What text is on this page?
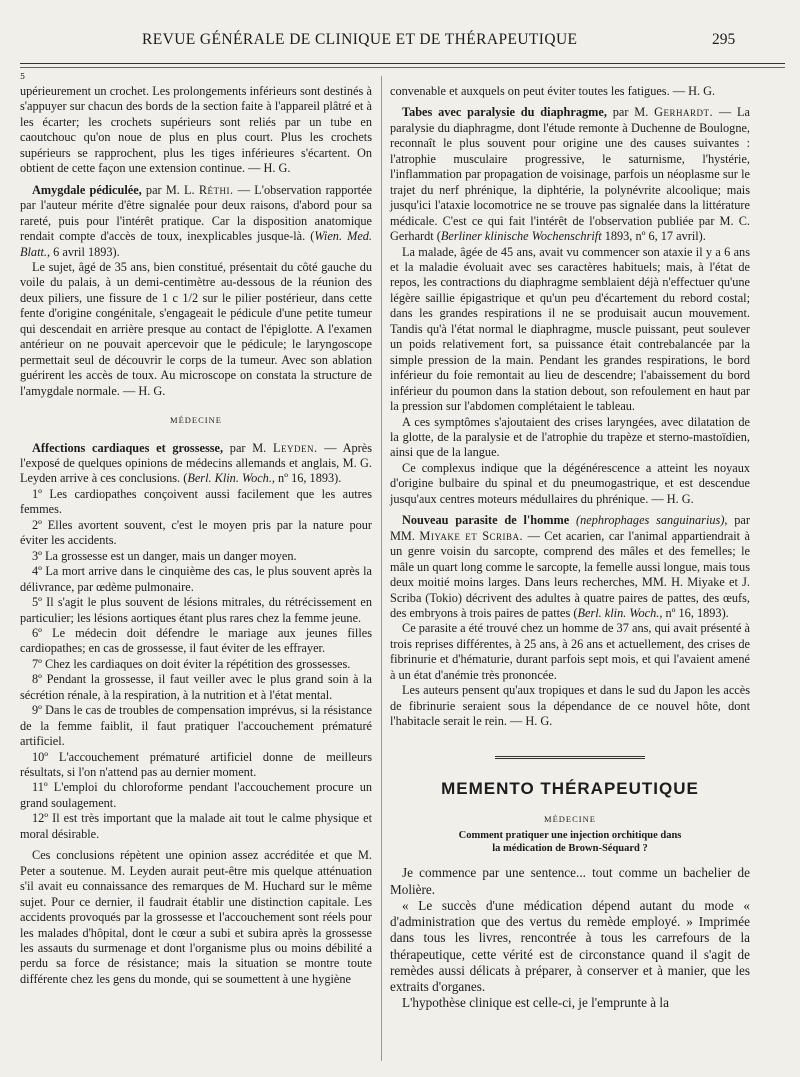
REVUE GÉNÉRALE DE CLINIQUE ET DE THÉRAPEUTIQUE	295
5

upérieurement un crochet. Les prolongements inférieurs sont destinés à s'appuyer sur chacun des bords de la section faite à l'appareil plâtré et à les écarter; les crochets supérieurs sont reliés par un tube en caoutchouc qu'on noue de plus en plus court. Plus les crochets supérieurs se rapprochent, plus les tiges inférieures s'écartent. On obtient de cette façon une extension continue. — H. G.

Amygdale pédiculée, par M. L. Réthi. — L'observation rapportée par l'auteur mérite d'être signalée pour deux raisons, d'abord pour sa rareté, puis pour l'intérêt pratique. Car la disposition anatomique rendait compte d'accès de toux, inexplicables jusque-là. (Wien. Med. Blatt., 6 avril 1893).

Le sujet, âgé de 35 ans, bien constitué, présentait du côté gauche du voile du palais, à un demi-centimètre au-dessous de la réunion des deux piliers, une fissure de 1 c 1/2 sur le pilier postérieur, dans cette fente d'origine congénitale, s'engageait le pédicule d'une petite tumeur qui descendait en arrière presque au contact de l'épiglotte. A l'examen antérieur on ne pouvait apercevoir que le pédicule; le laryngoscope permettait seul de découvrir le corps de la tumeur. Avec son ablation guérirent les accès de toux. Au microscope on constata la structure de l'amygdale normale. — H. G.

MÉDECINE

Affections cardiaques et grossesse, par M. Leyden. — Après l'exposé de quelques opinions de médecins allemands et anglais, M. G. Leyden arrive à ces conclusions. (Berl. Klin. Woch., nº 16, 1893).

1º Les cardiopathes conçoivent aussi facilement que les autres femmes.

2º Elles avortent souvent, c'est le moyen pris par la nature pour éviter les accidents.

3º La grossesse est un danger, mais un danger moyen.

4º La mort arrive dans le cinquième des cas, le plus souvent après la délivrance, par œdème pulmonaire.

5º Il s'agit le plus souvent de lésions mitrales, du rétrécissement en particulier; les lésions aortiques étant plus rares chez la femme jeune.

6º Le médecin doit défendre le mariage aux jeunes filles cardiopathes; en cas de grossesse, il faut éviter de les effrayer.

7º Chez les cardiaques on doit éviter la répétition des grossesses.

8º Pendant la grossesse, il faut veiller avec le plus grand soin à la sécrétion rénale, à la respiration, à la nutrition et à l'état mental.

9º Dans le cas de troubles de compensation imprévus, si la résistance de la femme faiblit, il faut pratiquer l'accouchement prématuré artificiel.

10º L'accouchement prématuré artificiel donne de meilleurs résultats, si l'on n'attend pas au dernier moment.

11º L'emploi du chloroforme pendant l'accouchement procure un grand soulagement.

12º Il est très important que la malade ait tout le calme physique et moral désirable.

Ces conclusions répètent une opinion assez accréditée et que M. Peter a soutenue. M. Leyden aurait peut-être mis quelque atténuation s'il avait eu connaissance des remarques de M. Huchard sur le même sujet. Pour ce dernier, il faudrait établir une distinction capitale. Les accidents provoqués par la grossesse et l'accouchement sont réels pour les malades d'hôpital, dont le cœur a subi et subira après la grossesse les assauts du surmenage et dont l'organisme plus ou moins débilité a perdu sa force de résistance; mais la situation se montre toute différente chez les gens du monde, qui se soumettent à une hygiène

convenable et auxquels on peut éviter toutes les fatigues. — H. G.

Tabes avec paralysie du diaphragme, par M. Gerhardt. — La paralysie du diaphragme, dont l'étude remonte à Duchenne de Boulogne, reconnaît le plus souvent pour origine une des causes suivantes : l'atrophie musculaire progressive, le saturnisme, l'hystérie, l'inflammation par propagation de voisinage, parfois un néoplasme sur le trajet du nerf phrénique, la diphtérie, la polynévrite alcoolique; mais jusqu'ici l'ataxie locomotrice ne se trouve pas signalée dans la littérature médicale. C'est ce qui fait l'intérêt de l'observation publiée par M. C. Gerhardt (Berliner klinische Wochenschrift 1893, nº 6, 17 avril).

La malade, âgée de 45 ans, avait vu commencer son ataxie il y a 6 ans et la maladie évoluait avec ses caractères habituels; mais, à l'état de repos, les contractions du diaphragme semblaient déjà n'effectuer qu'une légère saillie épigastrique et qu'un peu d'écartement du rebord costal; dans les grandes respirations il ne se produisait aucun mouvement. Tandis qu'à l'état normal le diaphragme, muscle puissant, peut soulever un poids relativement fort, sa puissance était contrebalancée par la simple pression de la main. Pendant les grandes respirations, le bord inférieur du foie remontait au lieu de descendre; l'abaissement du bord inférieur du poumon dans la station debout, son refoulement en haut par la pression sur l'abdomen complétaient le tableau.

A ces symptômes s'ajoutaient des crises laryngées, avec dilatation de la glotte, de la paralysie et de l'atrophie du trapèze et sterno-mastoïdien, ainsi que de la langue.

Ce complexus indique que la dégénérescence a atteint les noyaux d'origine bulbaire du spinal et du pneumogastrique, et est descendue jusqu'aux centres moteurs médullaires du phrénique. — H. G.

Nouveau parasite de l'homme (nephrophages sanguinarius), par MM. Miyake et Scriba. — Cet acarien, car l'animal appartiendrait à un genre voisin du sarcopte, comprend des mâles et des femelles; le mâle un quart long comme le sarcopte, la femelle aussi longue, mais tous deux moitié moins larges. Dans leurs recherches, MM. H. Miyake et J. Scriba (Tokio) décrivent des adultes à quatre paires de pattes, des œufs, des embryons à trois paires de pattes (Berl. klin. Woch., nº 16, 1893).

Ce parasite a été trouvé chez un homme de 37 ans, qui avait présenté à trois reprises différentes, à 25 ans, à 26 ans et actuellement, des crises de fibrinurie et d'hématurie, durant parfois sept mois, et qui l'avaient amené à un état d'anémie très prononcée.

Les auteurs pensent qu'aux tropiques et dans le sud du Japon les accès de fibrinurie seraient sous la dépendance de ce nouvel hôte, dont l'habitacle serait le rein. — H. G.

MEMENTO THÉRAPEUTIQUE
MÉDECINE
Comment pratiquer une injection orchitique dans
la médication de Brown-Séquard ?

Je commence par une sentence... tout comme un bachelier de Molière.

« Le succès d'une médication dépend autant du mode « d'administration que des vertus du remède employé. » Imprimée dans tous les livres, rencontrée à tous les carrefours de la thérapeutique, cette vérité est de circonstance quand il s'agit de remèdes aussi délicats à préparer, à conserver et à manier, que les extraits d'organes.

L'hypothèse clinique est celle-ci, je l'emprunte à la
